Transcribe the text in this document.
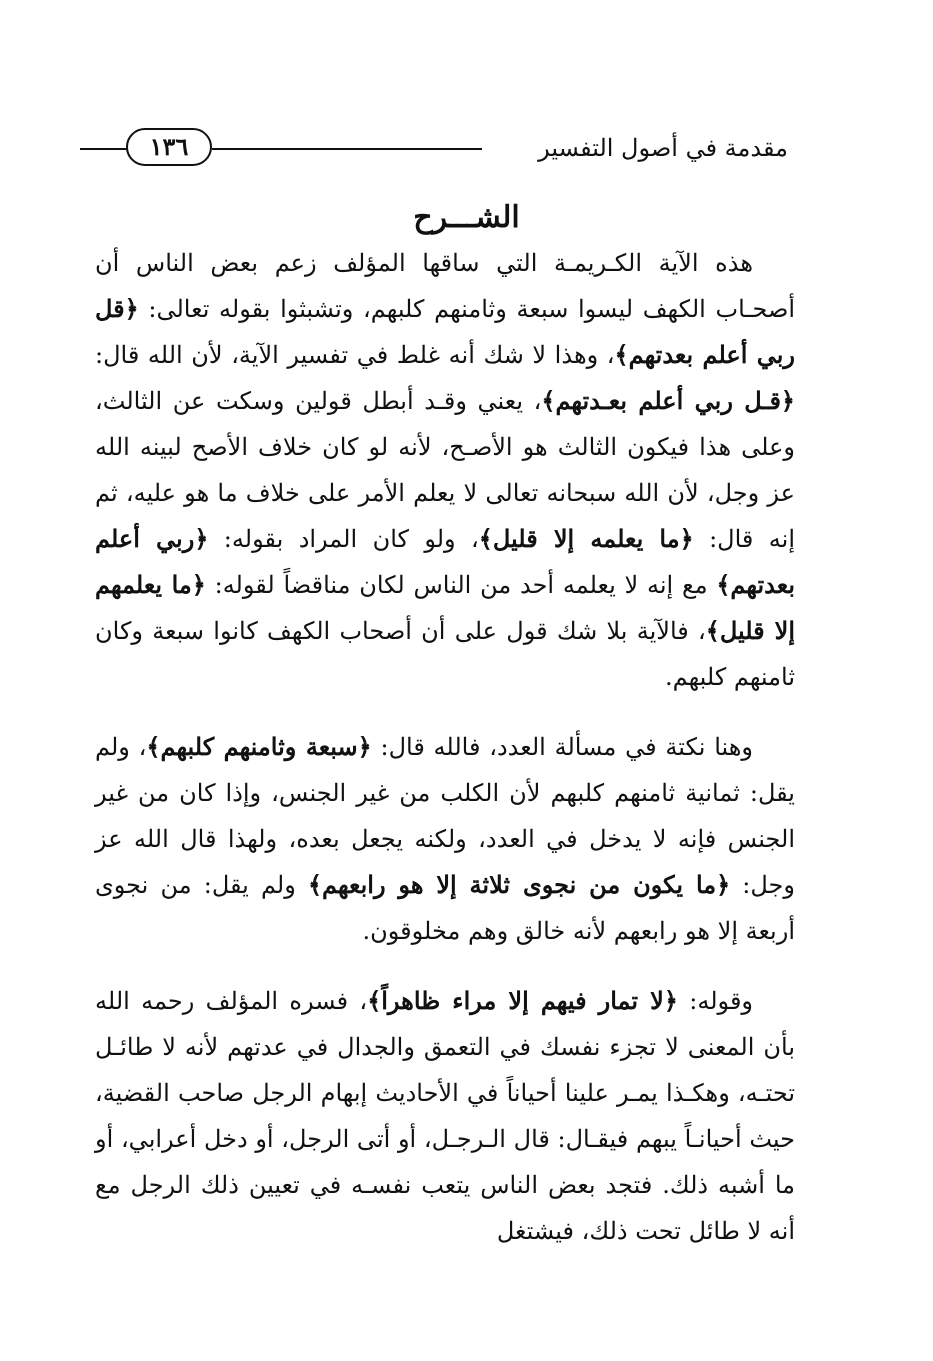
١٣٦	مقدمة في أصول التفسير
الشـــرح

هذه الآية الكـريمـة التي ساقها المؤلف زعم بعض الناس أن أصحـاب الكهف ليسوا سبعة وثامنهم كلبهم، وتشبثوا بقوله تعالى: ﴿قل ربي أعلم بعدتهم﴾، وهذا لا شك أنه غلط في تفسير الآية، لأن الله قال: ﴿قـل ربي أعلم بعـدتهم﴾، يعني وقـد أبطل قولين وسكت عن الثالث، وعلى هذا فيكون الثالث هو الأصـح، لأنه لو كان خلاف الأصح لبينه الله عز وجل، لأن الله سبحانه تعالى لا يعلم الأمر على خلاف ما هو عليه، ثم إنه قال: ﴿ما يعلمه إلا قليل﴾، ولو كان المراد بقوله: ﴿ربي أعلم بعدتهم﴾ مع إنه لا يعلمه أحد من الناس لكان مناقضاً لقوله: ﴿ما يعلمهم إلا قليل﴾، فالآية بلا شك قول على أن أصحاب الكهف كانوا سبعة وكان ثامنهم كلبهم.

وهنا نكتة في مسألة العدد، فالله قال: ﴿سبعة وثامنهم كلبهم﴾، ولم يقل: ثمانية ثامنهم كلبهم لأن الكلب من غير الجنس، وإذا كان من غير الجنس فإنه لا يدخل في العدد، ولكنه يجعل بعده، ولهذا قال الله عز وجل: ﴿ما يكون من نجوى ثلاثة إلا هو رابعهم﴾ ولم يقل: من نجوى أربعة إلا هو رابعهم لأنه خالق وهم مخلوقون.

وقوله: ﴿لا تمار فيهم إلا مراء ظاهراً﴾، فسره المؤلف رحمه الله بأن المعنى لا تجزء نفسك في التعمق والجدال في عدتهم لأنه لا طائـل تحتـه، وهكـذا يمـر علينا أحياناً في الأحاديث إبهام الرجل صاحب القضية، حيث أحيانـاً يبهم فيقـال: قال الـرجـل، أو أتى الرجل، أو دخل أعرابي، أو ما أشبه ذلك. فتجد بعض الناس يتعب نفسـه في تعيين ذلك الرجل مع أنه لا طائل تحت ذلك، فيشتغل
